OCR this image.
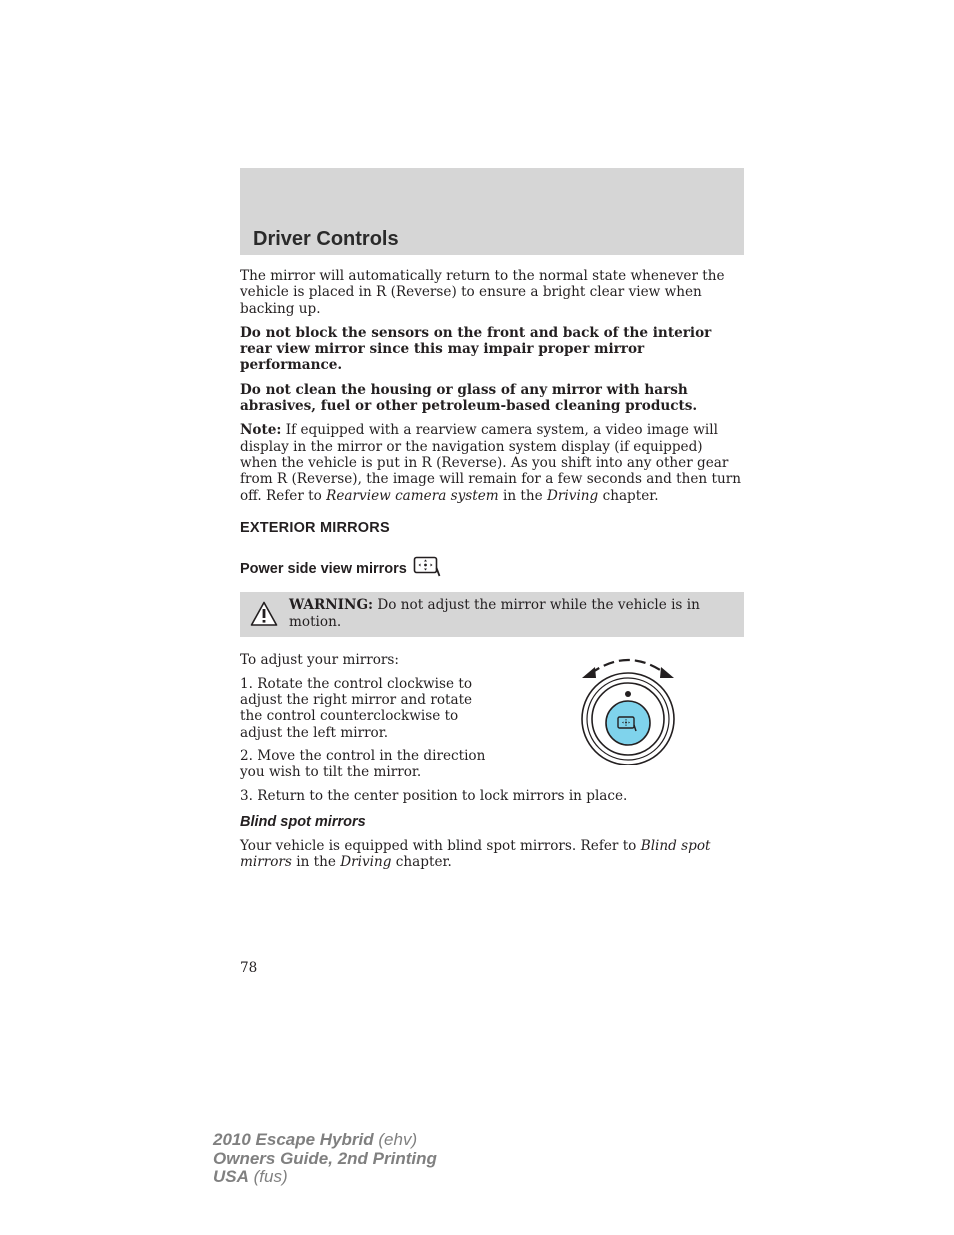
Driver Controls

The mirror will automatically return to the normal state whenever the vehicle is placed in R (Reverse) to ensure a bright clear view when backing up.

Do not block the sensors on the front and back of the interior rear view mirror since this may impair proper mirror performance.

Do not clean the housing or glass of any mirror with harsh abrasives, fuel or other petroleum-based cleaning products.

Note: If equipped with a rearview camera system, a video image will display in the mirror or the navigation system display (if equipped) when the vehicle is put in R (Reverse). As you shift into any other gear from R (Reverse), the image will remain for a few seconds and then turn off. Refer to Rearview camera system in the Driving chapter.

EXTERIOR MIRRORS
Power side view mirrors
WARNING: Do not adjust the mirror while the vehicle is in motion.

To adjust your mirrors:

1. Rotate the control clockwise to adjust the right mirror and rotate the control counterclockwise to adjust the left mirror.

2. Move the control in the direction you wish to tilt the mirror.

3. Return to the center position to lock mirrors in place.

Blind spot mirrors

Your vehicle is equipped with blind spot mirrors. Refer to Blind spot mirrors in the Driving chapter.

78
2010 Escape Hybrid (ehv)
Owners Guide, 2nd Printing
USA (fus)
